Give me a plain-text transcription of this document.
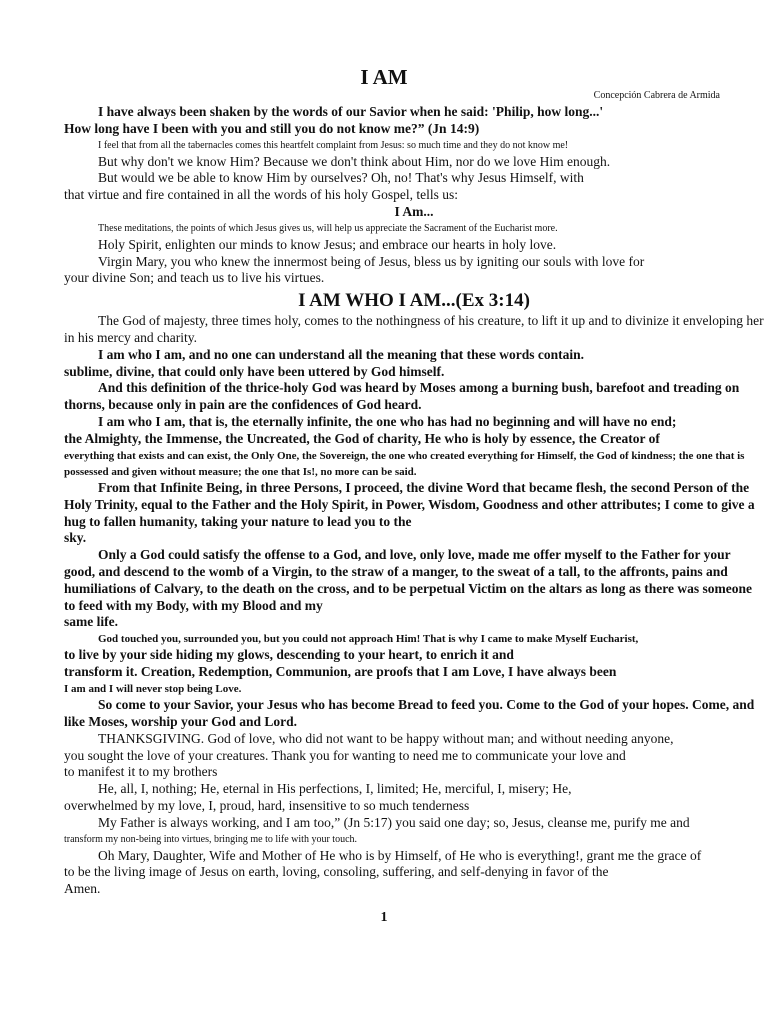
I AM
Concepción Cabrera de Armida

I have always been shaken by the words of our Savior when he said: 'Philip, how long...'
How long have I been with you and still you do not know me?” (Jn 14:9)

I feel that from all the tabernacles comes this heartfelt complaint from Jesus: so much time and they do not know me!

But why don't we know Him? Because we don't think about Him, nor do we love Him enough.

But would we be able to know Him by ourselves? Oh, no! That's why Jesus Himself, with
that virtue and fire contained in all the words of his holy Gospel, tells us:

I Am...

These meditations, the points of which Jesus gives us, will help us appreciate the Sacrament of the Eucharist more.

Holy Spirit, enlighten our minds to know Jesus; and embrace our hearts in holy love.

Virgin Mary, you who knew the innermost being of Jesus, bless us by igniting our souls with love for
your divine Son; and teach us to live his virtues.

I AM WHO I AM...(Ex 3:14)

The God of majesty, three times holy, comes to the nothingness of his creature, to lift it up and to divinize it enveloping her in his mercy and charity.

I am who I am, and no one can understand all the meaning that these words contain.
sublime, divine, that could only have been uttered by God himself.

And this definition of the thrice-holy God was heard by Moses among a burning bush, barefoot and treading on thorns, because only in pain are the confidences of God heard.

I am who I am, that is, the eternally infinite, the one who has had no beginning and will have no end;
the Almighty, the Immense, the Uncreated, the God of charity, He who is holy by essence, the Creator of
everything that exists and can exist, the Only One, the Sovereign, the one who created everything for Himself, the God of kindness; the one that is possessed and given without measure; the one that Is!, no more can be said.

From that Infinite Being, in three Persons, I proceed, the divine Word that became flesh, the second Person of the Holy Trinity, equal to the Father and the Holy Spirit, in Power, Wisdom, Goodness and other attributes; I come to give a hug to fallen humanity, taking your nature to lead you to the
sky.

Only a God could satisfy the offense to a God, and love, only love, made me offer myself to the Father for your good, and descend to the womb of a Virgin, to the straw of a manger, to the sweat of a tall, to the affronts, pains and humiliations of Calvary, to the death on the cross, and to be perpetual Victim on the altars as long as there was someone to feed with my Body, with my Blood and my
same life.

God touched you, surrounded you, but you could not approach Him! That is why I came to make Myself Eucharist,
to live by your side hiding my glows, descending to your heart, to enrich it and
transform it. Creation, Redemption, Communion, are proofs that I am Love, I have always been
I am and I will never stop being Love.

So come to your Savior, your Jesus who has become Bread to feed you. Come to the God of your hopes. Come, and like Moses, worship your God and Lord.

THANKSGIVING. God of love, who did not want to be happy without man; and without needing anyone,
you sought the love of your creatures. Thank you for wanting to need me to communicate your love and
to manifest it to my brothers

He, all, I, nothing; He, eternal in His perfections, I, limited; He, merciful, I, misery; He,
overwhelmed by my love, I, proud, hard, insensitive to so much tenderness

My Father is always working, and I am too,” (Jn 5:17) you said one day; so, Jesus, cleanse me, purify me and
transform my non-being into virtues, bringing me to life with your touch.

Oh Mary, Daughter, Wife and Mother of He who is by Himself, of He who is everything!, grant me the grace of
to be the living image of Jesus on earth, loving, consoling, suffering, and self-denying in favor of the
Amen.

1
